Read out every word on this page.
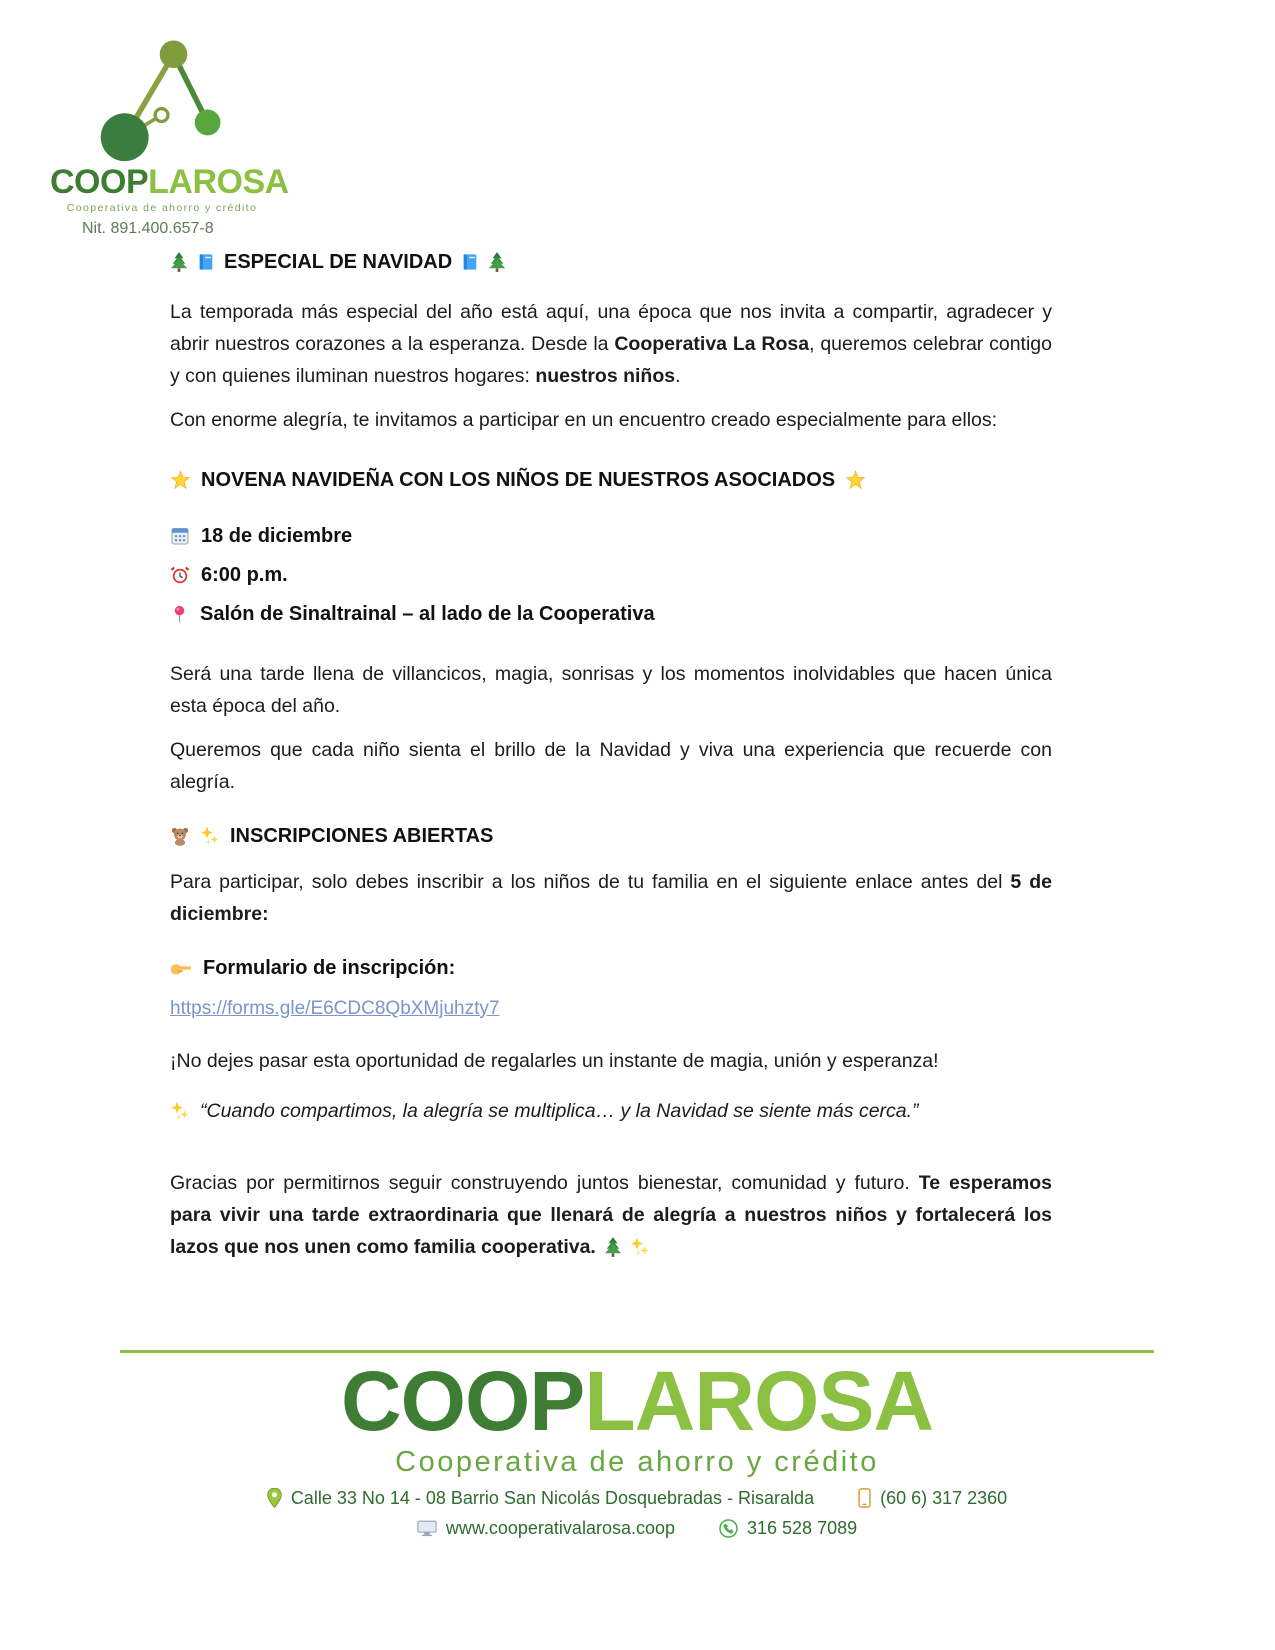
COOPLAROSA
Cooperativa de ahorro y crédito
Nit. 891.400.657-8
ESPECIAL DE NAVIDAD

La temporada más especial del año está aquí, una época que nos invita a compartir, agradecer y abrir nuestros corazones a la esperanza. Desde la Cooperativa La Rosa, queremos celebrar contigo y con quienes iluminan nuestros hogares: nuestros niños.

Con enorme alegría, te invitamos a participar en un encuentro creado especialmente para ellos:

NOVENA NAVIDEÑA CON LOS NIÑOS DE NUESTROS ASOCIADOS
18 de diciembre
6:00 p.m.
Salón de Sinaltrainal – al lado de la Cooperativa

Será una tarde llena de villancicos, magia, sonrisas y los momentos inolvidables que hacen única esta época del año.

Queremos que cada niño sienta el brillo de la Navidad y viva una experiencia que recuerde con alegría.

INSCRIPCIONES ABIERTAS

Para participar, solo debes inscribir a los niños de tu familia en el siguiente enlace antes del 5 de diciembre:

Formulario de inscripción:
https://forms.gle/E6CDC8QbXMjuhzty7

¡No dejes pasar esta oportunidad de regalarles un instante de magia, unión y esperanza!

“Cuando compartimos, la alegría se multiplica… y la Navidad se siente más cerca.”

Gracias por permitirnos seguir construyendo juntos bienestar, comunidad y futuro. Te esperamos para vivir una tarde extraordinaria que llenará de alegría a nuestros niños y fortalecerá los lazos que nos unen como familia cooperativa.

COOPLAROSA
Cooperativa de ahorro y crédito
Calle 33 No 14 - 08 Barrio San Nicolás Dosquebradas - Risaralda	(60 6) 317 2360
www.cooperativalarosa.coop	316 528 7089
